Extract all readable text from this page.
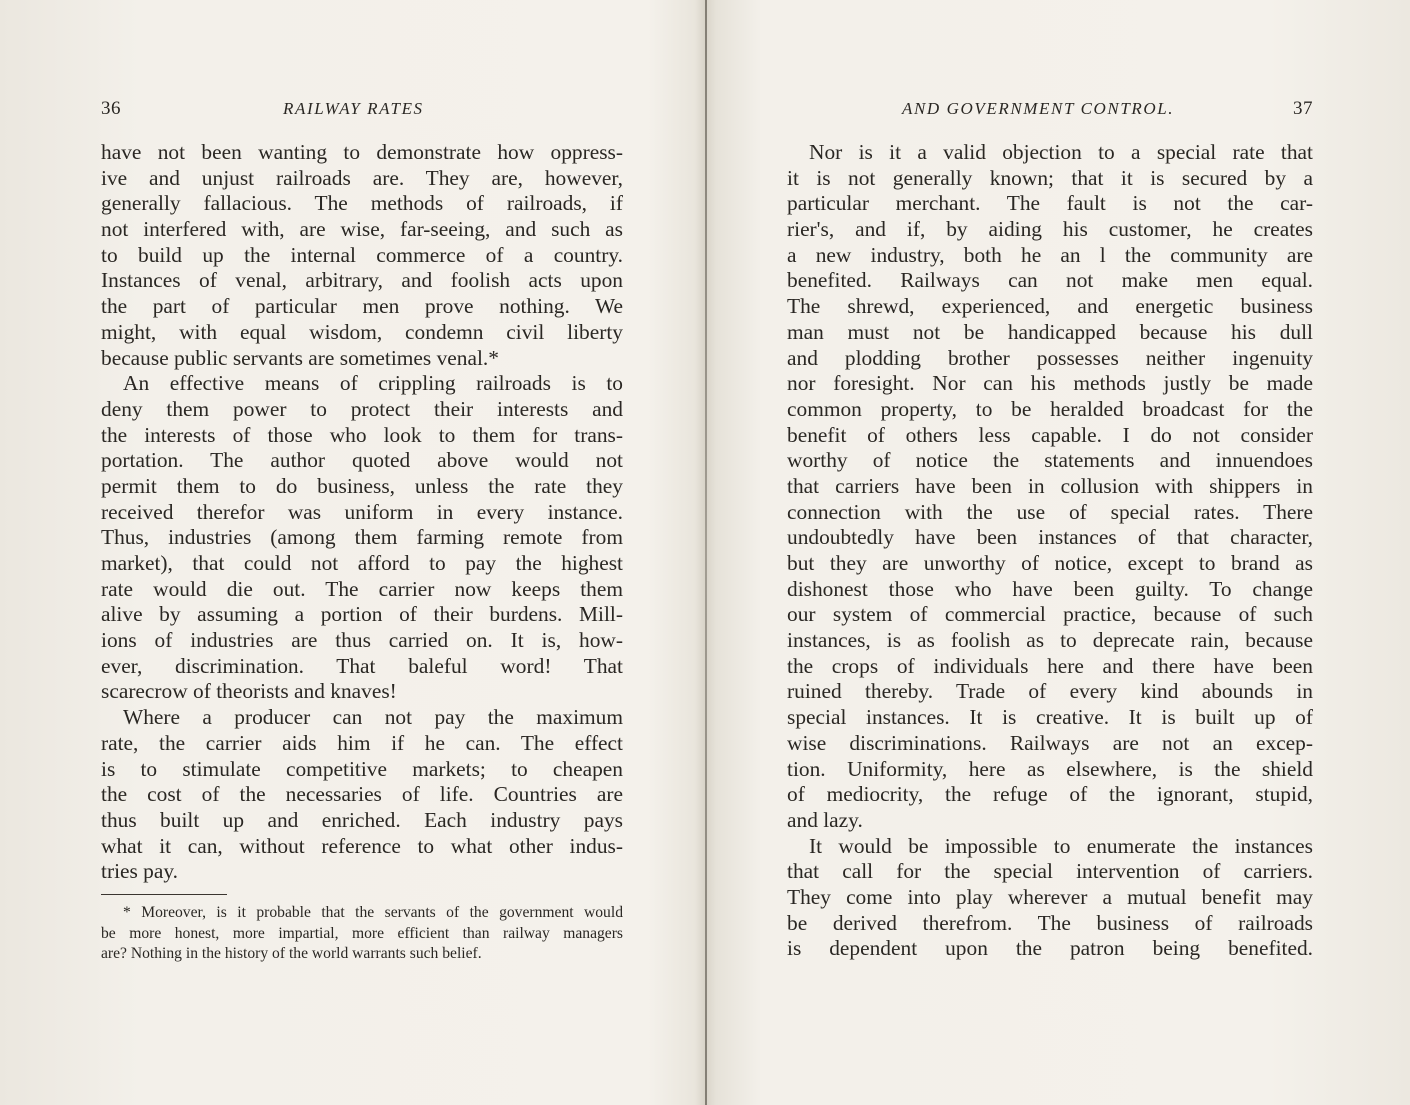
36	RAILWAY RATES
have not been wanting to demonstrate how oppress-
ive and unjust railroads are. They are, however,
generally fallacious. The methods of railroads, if
not interfered with, are wise, far-seeing, and such as
to build up the internal commerce of a country.
Instances of venal, arbitrary, and foolish acts upon
the part of particular men prove nothing. We
might, with equal wisdom, condemn civil liberty
because public servants are sometimes venal.*
An effective means of crippling railroads is to
deny them power to protect their interests and
the interests of those who look to them for trans-
portation. The author quoted above would not
permit them to do business, unless the rate they
received therefor was uniform in every instance.
Thus, industries (among them farming remote from
market), that could not afford to pay the highest
rate would die out. The carrier now keeps them
alive by assuming a portion of their burdens. Mill-
ions of industries are thus carried on. It is, how-
ever, discrimination. That baleful word! That
scarecrow of theorists and knaves!
Where a producer can not pay the maximum
rate, the carrier aids him if he can. The effect
is to stimulate competitive markets; to cheapen
the cost of the necessaries of life. Countries are
thus built up and enriched. Each industry pays
what it can, without reference to what other indus-
tries pay.
* Moreover, is it probable that the servants of the government would
be more honest, more impartial, more efficient than railway managers
are? Nothing in the history of the world warrants such belief.
AND GOVERNMENT CONTROL.	37
Nor is it a valid objection to a special rate that
it is not generally known; that it is secured by a
particular merchant. The fault is not the car-
rier's, and if, by aiding his customer, he creates
a new industry, both he an l the community are
benefited. Railways can not make men equal.
The shrewd, experienced, and energetic business
man must not be handicapped because his dull
and plodding brother possesses neither ingenuity
nor foresight. Nor can his methods justly be made
common property, to be heralded broadcast for the
benefit of others less capable. I do not consider
worthy of notice the statements and innuendoes
that carriers have been in collusion with shippers in
connection with the use of special rates. There
undoubtedly have been instances of that character,
but they are unworthy of notice, except to brand as
dishonest those who have been guilty. To change
our system of commercial practice, because of such
instances, is as foolish as to deprecate rain, because
the crops of individuals here and there have been
ruined thereby. Trade of every kind abounds in
special instances. It is creative. It is built up of
wise discriminations. Railways are not an excep-
tion. Uniformity, here as elsewhere, is the shield
of mediocrity, the refuge of the ignorant, stupid,
and lazy.
It would be impossible to enumerate the instances
that call for the special intervention of carriers.
They come into play wherever a mutual benefit may
be derived therefrom. The business of railroads
is dependent upon the patron being benefited.
